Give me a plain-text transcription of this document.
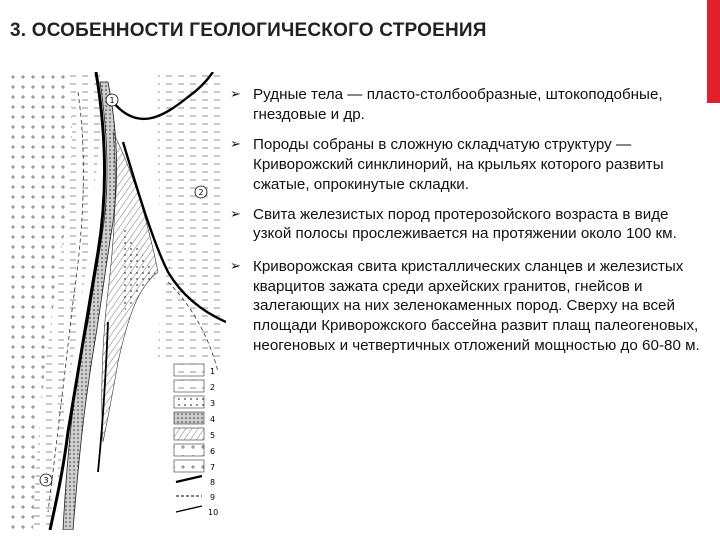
3. ОСОБЕННОСТИ ГЕОЛОГИЧЕСКОГО СТРОЕНИЯ
1
2
3
1
2
3
4
5
6
7
8
9
10
➢ Рудные тела — пласто-столбообразные, штокоподобные, гнездовые и др.
➢ Породы собраны в сложную складчатую структуру — Криворожский синклинорий, на крыльях которого развиты сжатые, опрокинутые складки.
➢ Свита железистых пород протерозойского возраста в виде узкой полосы прослеживается на протяжении около 100 км.
➢ Криворожская свита кристаллических сланцев и железистых кварцитов зажата среди архейских гранитов, гнейсов и залегающих на них зеленокаменных пород. Сверху на всей площади Криворожского бассейна развит плащ палеогеновых, неогеновых и четвертичных отложений мощностью до 60-80 м.
